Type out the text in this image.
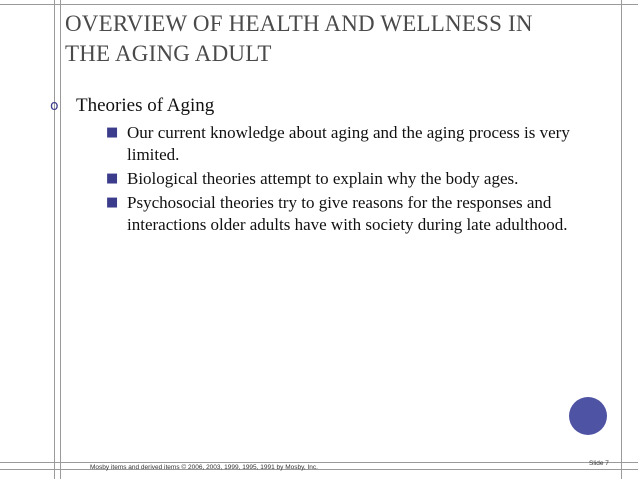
OVERVIEW OF HEALTH AND WELLNESS IN
THE AGING ADULT
o Theories of Aging
■ Our current knowledge about aging and the aging process is very limited.
■ Biological theories attempt to explain why the body ages.
■ Psychosocial theories try to give reasons for the responses and interactions older adults have with society during late adulthood.
Mosby items and derived items © 2006, 2003, 1999, 1995, 1991 by Mosby, Inc.
Slide 7
